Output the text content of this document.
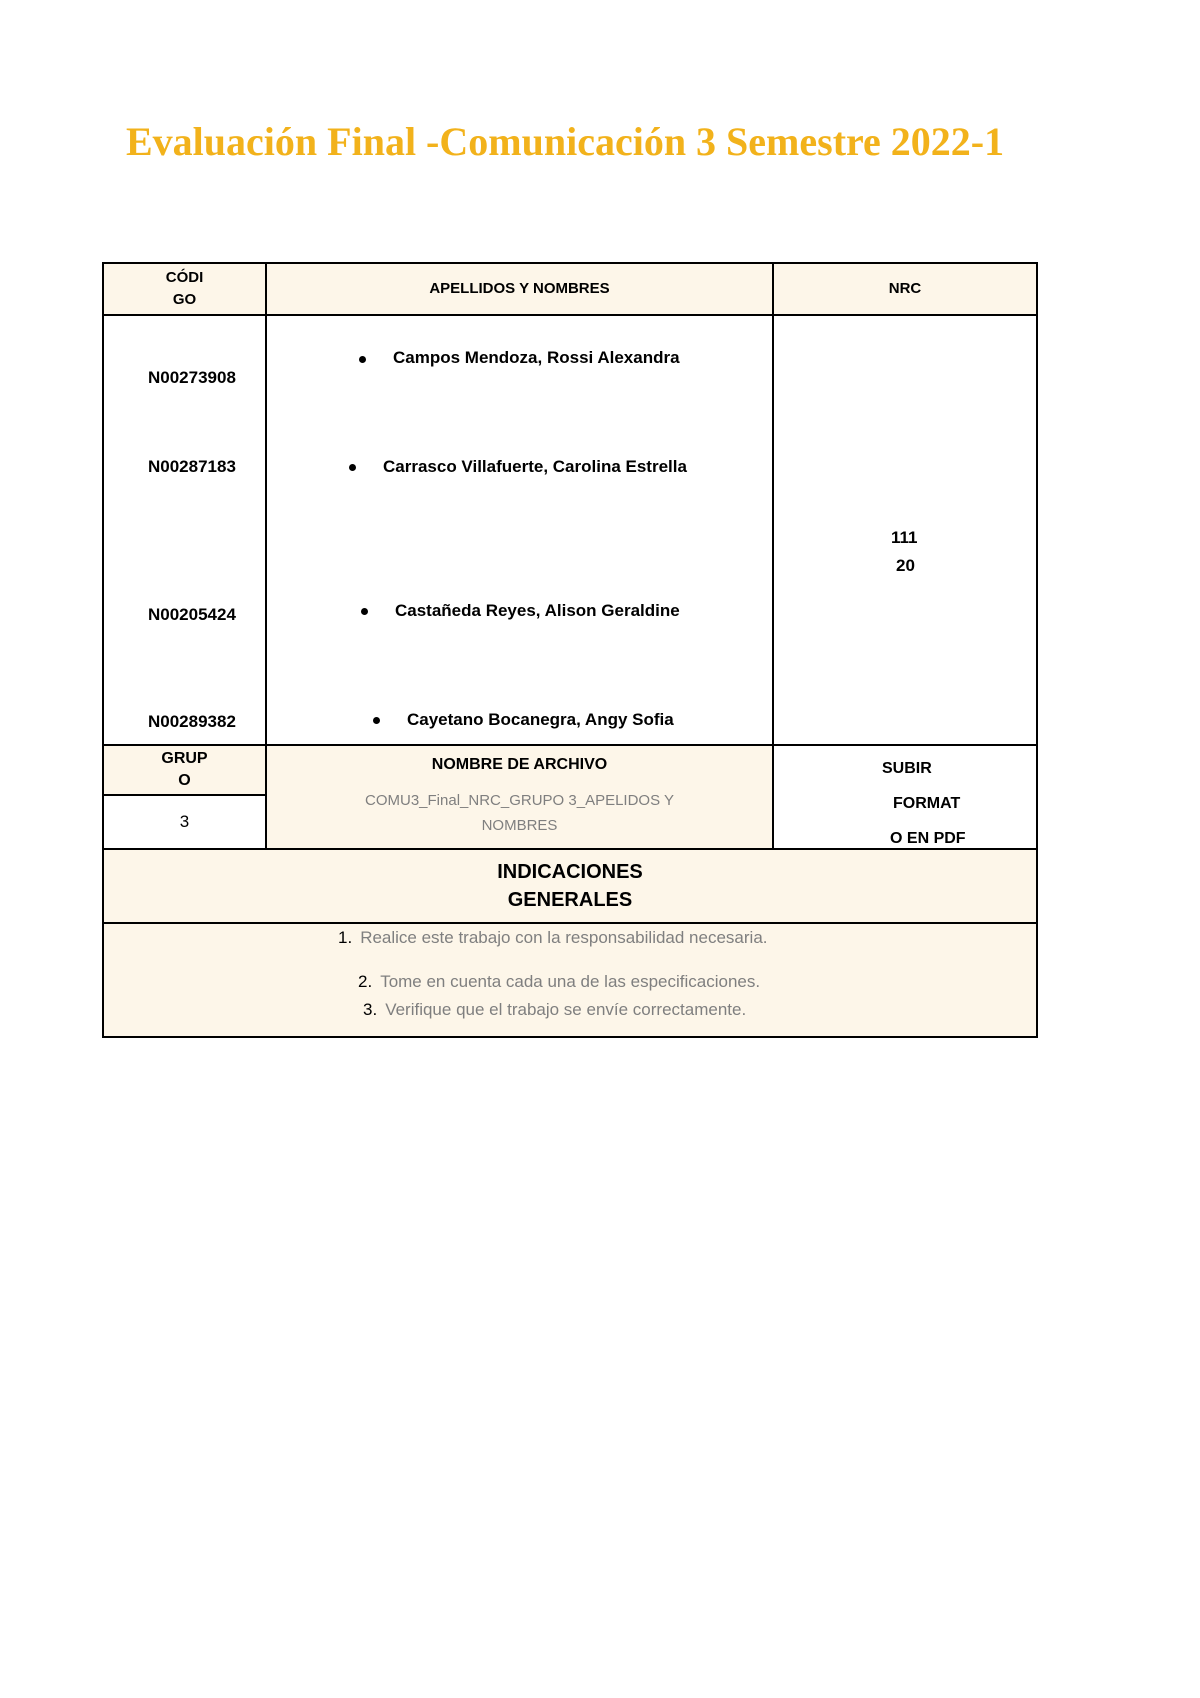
Evaluación Final -Comunicación 3 Semestre 2022-1
CÓDI
GO
APELLIDOS Y NOMBRES	NRC
N00273908
N00287183
N00205424
N00289382
Campos Mendoza, Rossi Alexandra
Carrasco Villafuerte, Carolina Estrella
Castañeda Reyes, Alison Geraldine
Cayetano Bocanegra, Angy Sofia
111
20
GRUP
O
3
NOMBRE DE ARCHIVO
COMU3_Final_NRC_GRUPO 3_APELIDOS Y
NOMBRES
SUBIR
FORMAT
O EN PDF
INDICACIONES
GENERALES
1. Realice este trabajo con la responsabilidad necesaria.
2. Tome en cuenta cada una de las especificaciones.
3. Verifique que el trabajo se envíe correctamente.
